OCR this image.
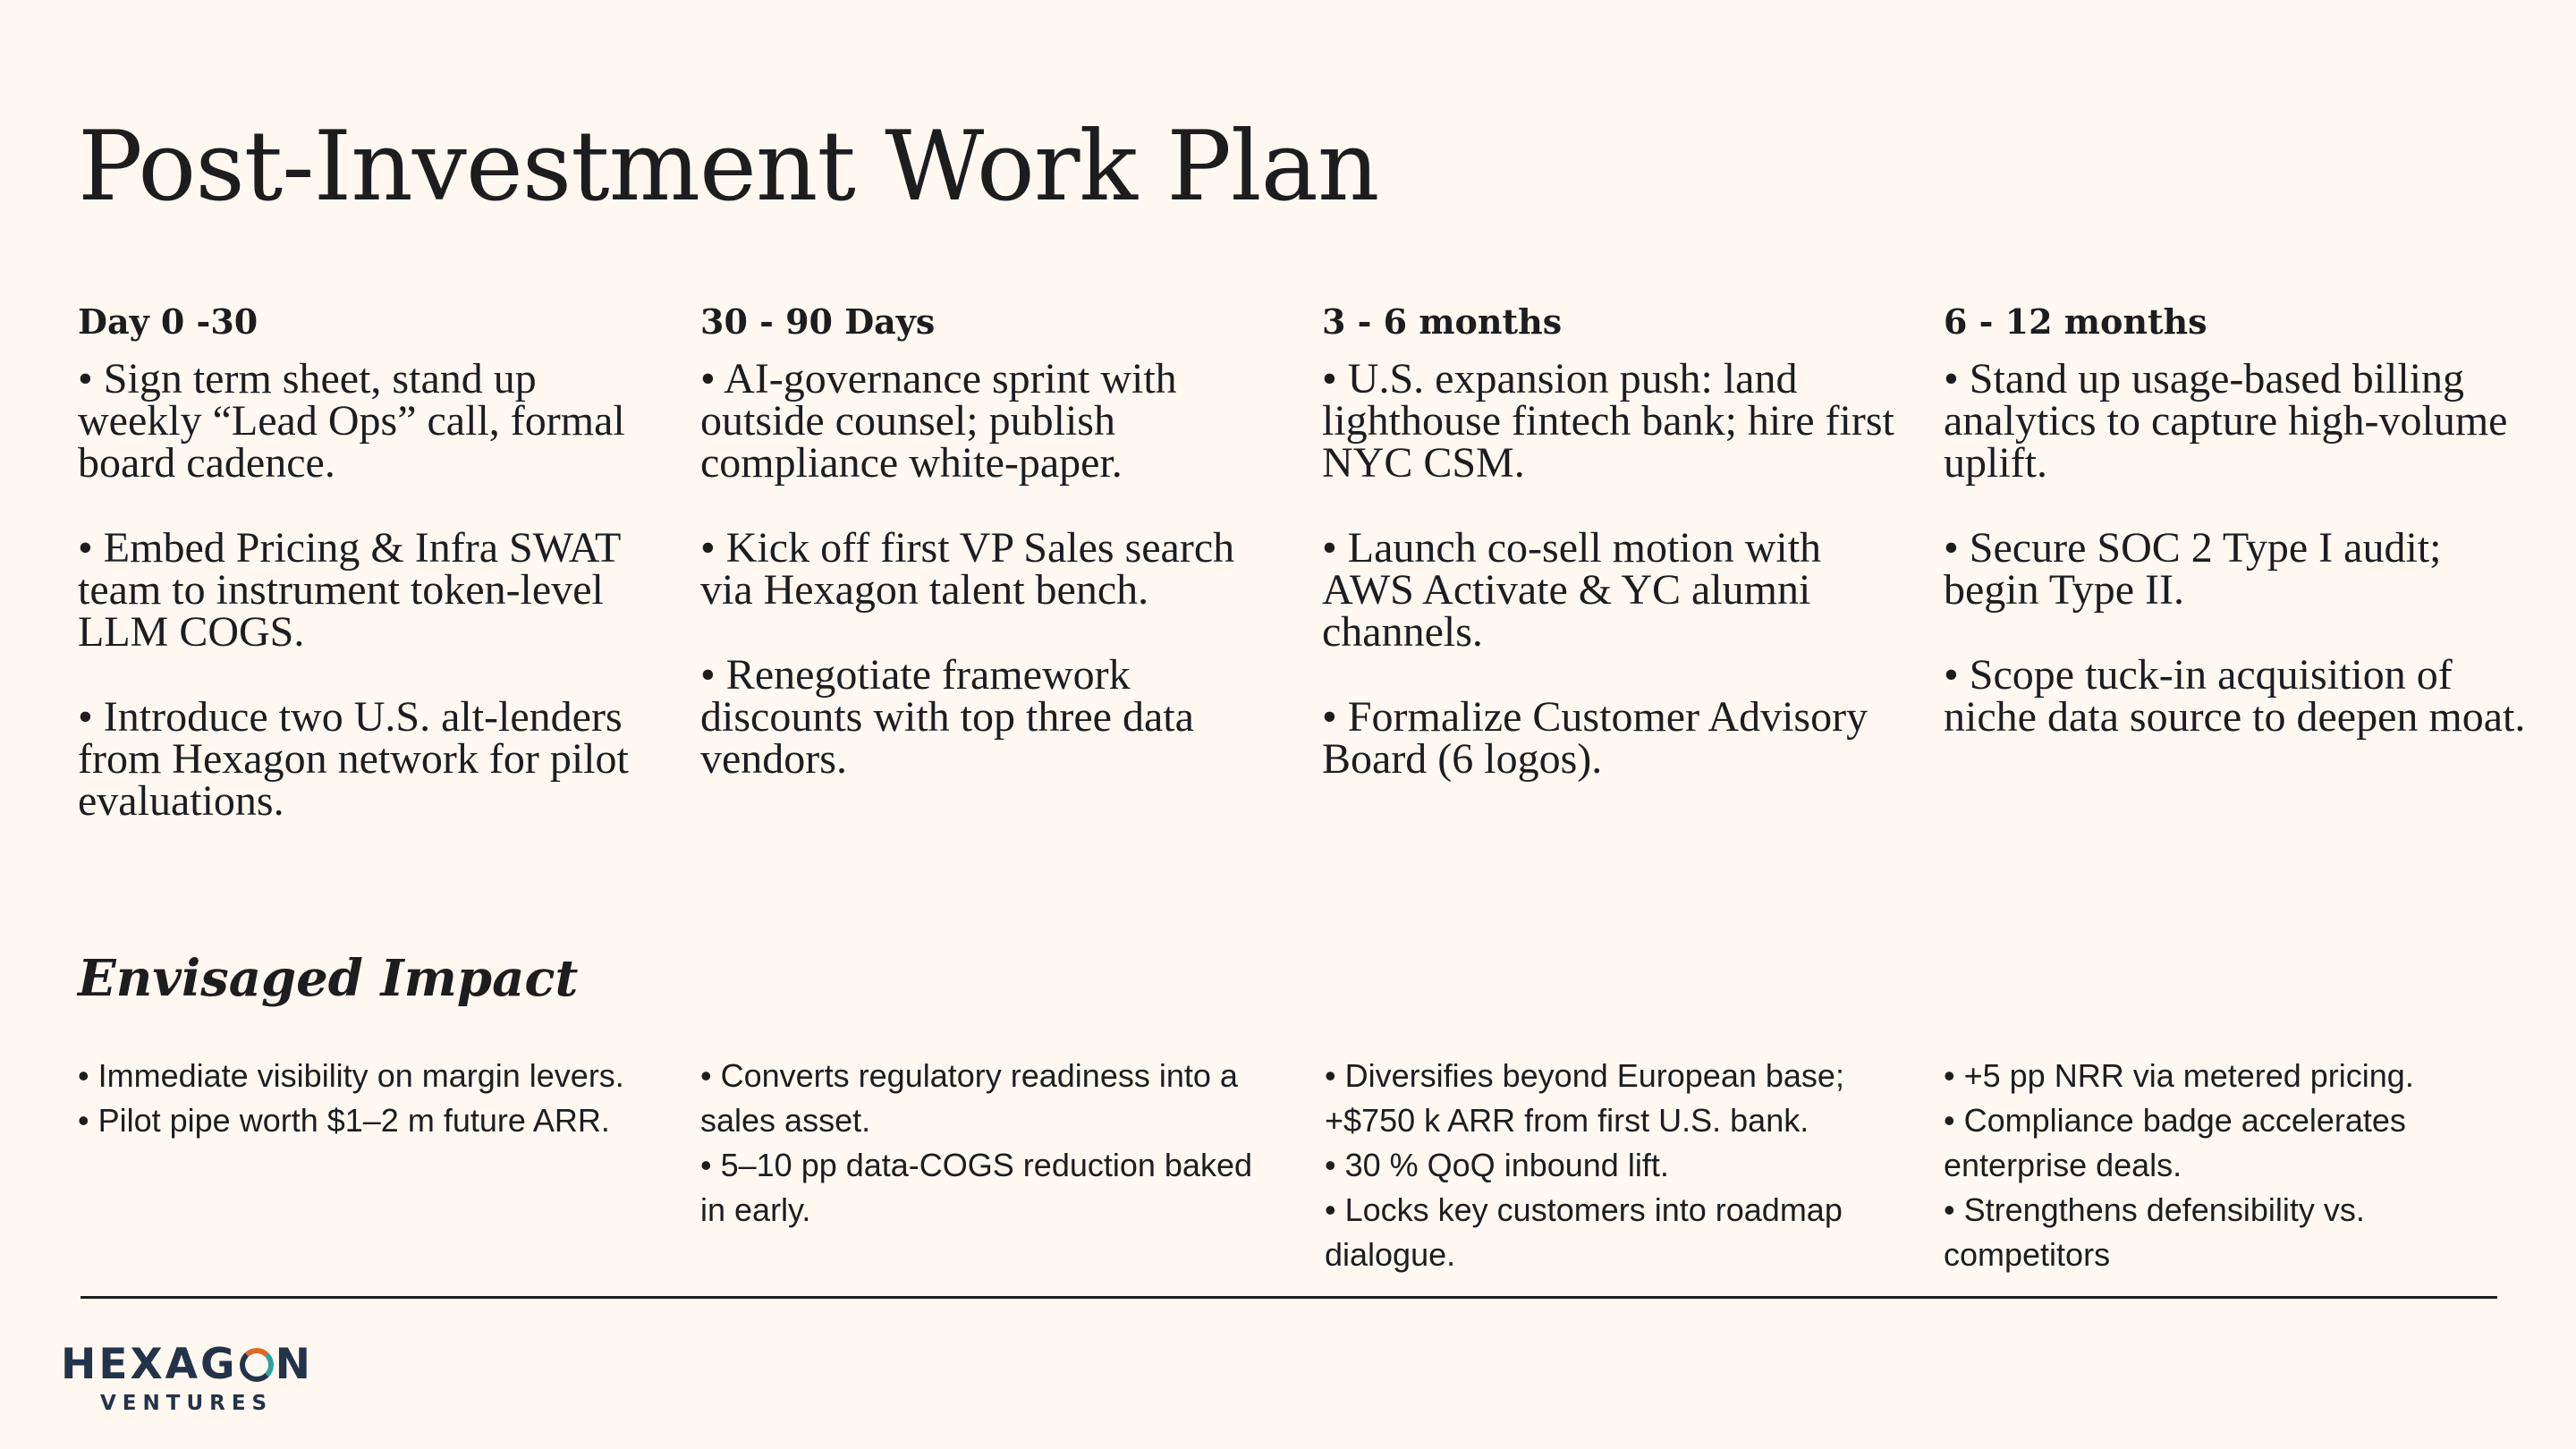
Post-Investment Work Plan
Day 0 -30

• Sign term sheet, stand up weekly “Lead Ops” call, formal board cadence.

• Embed Pricing & Infra SWAT team to instrument token-level LLM COGS.

• Introduce two U.S. alt-lenders from Hexagon network for pilot evaluations.

30 - 90 Days

• AI-governance sprint with outside counsel; publish compliance white-paper.

• Kick off first VP Sales search via Hexagon talent bench.

• Renegotiate framework discounts with top three data vendors.

3 - 6 months

• U.S. expansion push: land lighthouse fintech bank; hire first NYC CSM.

• Launch co-sell motion with AWS Activate & YC alumni channels.

• Formalize Customer Advisory Board (6 logos).

6 - 12 months

• Stand up usage-based billing analytics to capture high-volume uplift.

• Secure SOC 2 Type I audit; begin Type II.

• Scope tuck-in acquisition of niche data source to deepen moat.

Envisaged Impact

• Immediate visibility on margin levers.

• Pilot pipe worth $1–2 m future ARR.

• Converts regulatory readiness into a sales asset.

• 5–10 pp data-COGS reduction baked in early.

• Diversifies beyond European base; +$750 k ARR from first U.S. bank.

• 30 % QoQ inbound lift.

• Locks key customers into roadmap dialogue.

• +5 pp NRR via metered pricing.

• Compliance badge accelerates enterprise deals.

• Strengthens defensibility vs. competitors

HEXAG N
VENTURES
